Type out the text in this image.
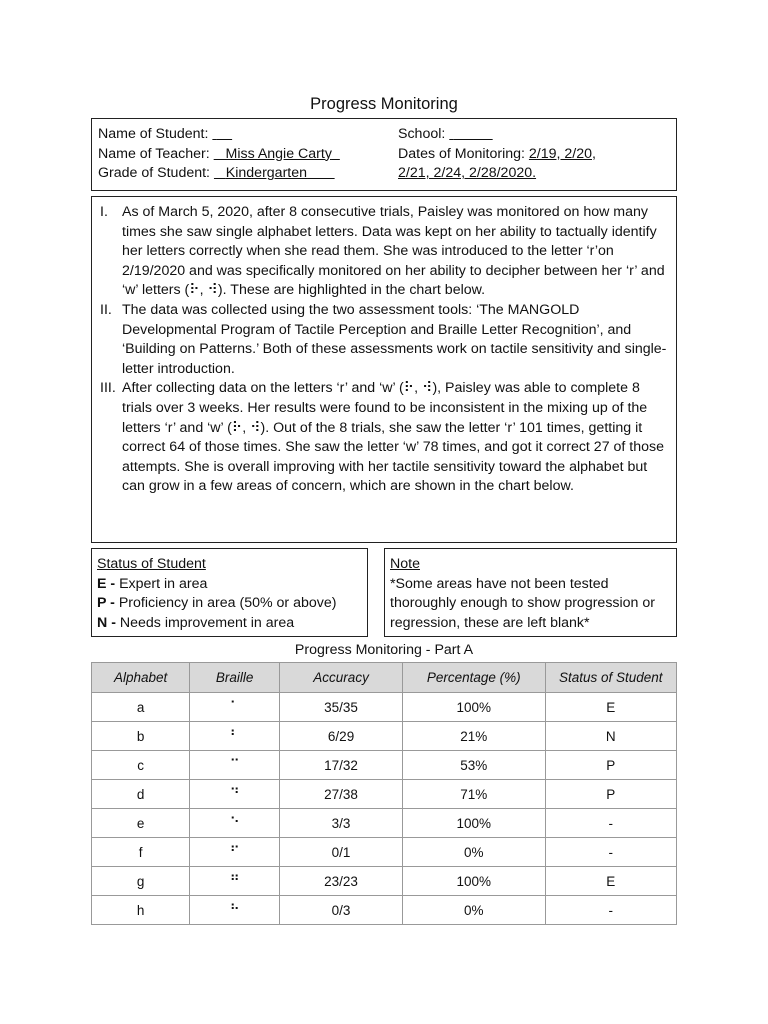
Progress Monitoring
Name of Student:
Name of Teacher: Miss Angie Carty
Grade of Student: Kindergarten
School:
Dates of Monitoring: 2/19, 2/20,
2/21, 2/24, 2/28/2020.
I. As of March 5, 2020, after 8 consecutive trials, Paisley was monitored on how many times she saw single alphabet letters. Data was kept on her ability to tactually identify her letters correctly when she read them. She was introduced to the letter ‘r’on 2/19/2020 and was specifically monitored on her ability to decipher between her ‘r’ and ‘w’ letters (⠗, ⠺). These are highlighted in the chart below.
II. The data was collected using the two assessment tools: ‘The MANGOLD Developmental Program of Tactile Perception and Braille Letter Recognition’, and ‘Building on Patterns.’ Both of these assessments work on tactile sensitivity and single-letter introduction.
III. After collecting data on the letters ‘r’ and ‘w’ (⠗, ⠺), Paisley was able to complete 8 trials over 3 weeks. Her results were found to be inconsistent in the mixing up of the letters ‘r’ and ‘w’ (⠗, ⠺). Out of the 8 trials, she saw the letter ‘r’ 101 times, getting it correct 64 of those times. She saw the letter ‘w’ 78 times, and got it correct 27 of those attempts. She is overall improving with her tactile sensitivity toward the alphabet but can grow in a few areas of concern, which are shown in the chart below.
Status of Student
E - Expert in area
P - Proficiency in area (50% or above)
N - Needs improvement in area
Note
*Some areas have not been tested thoroughly enough to show progression or regression, these are left blank*
Progress Monitoring - Part A
Alphabet	Braille	Accuracy	Percentage (%)	Status of Student
a	⠁	35/35	100%	E
b	⠃	6/29	21%	N
c	⠉	17/32	53%	P
d	⠙	27/38	71%	P
e	⠑	3/3	100%	-
f	⠋	0/1	0%	-
g	⠛	23/23	100%	E
h	⠓	0/3	0%	-
